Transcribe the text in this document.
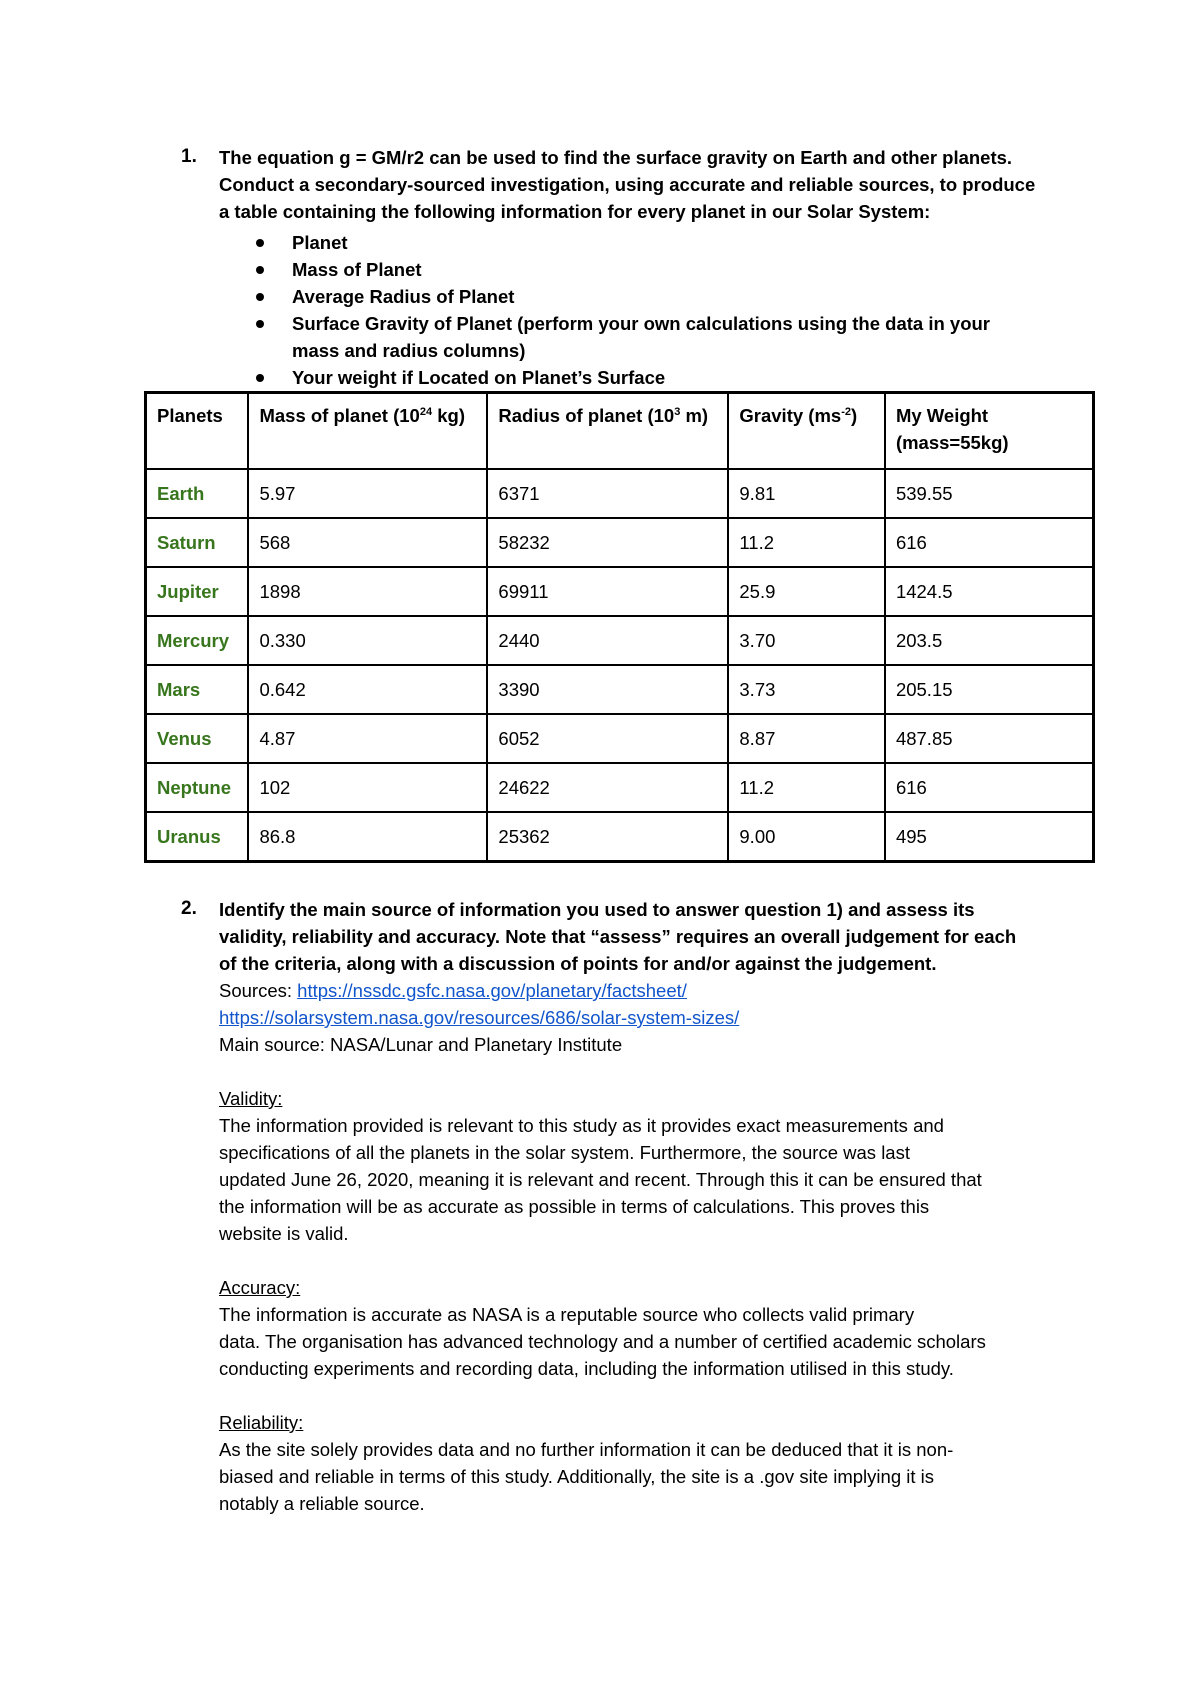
1. The equation g = GM/r2 can be used to find the surface gravity on Earth and other planets.
Conduct a secondary-sourced investigation, using accurate and reliable sources, to produce
a table containing the following information for every planet in our Solar System:
Planet
Mass of Planet
Average Radius of Planet
Surface Gravity of Planet (perform your own calculations using the data in your
mass and radius columns)
Your weight if Located on Planet’s Surface
Planets	Mass of planet ($10^{24}$ kg)	Radius of planet ($10^3$ m)	Gravity $(ms^{-2})$	My Weight
(mass=55kg)
Earth	5.97	6371	9.81	539.55
Saturn	568	58232	11.2	616
Jupiter	1898	69911	25.9	1424.5
Mercury	0.330	2440	3.70	203.5
Mars	0.642	3390	3.73	205.15
Venus	4.87	6052	8.87	487.85
Neptune	102	24622	11.2	616
Uranus	86.8	25362	9.00	495
2. Identify the main source of information you used to answer question 1) and assess its
validity, reliability and accuracy. Note that “assess” requires an overall judgement for each
of the criteria, along with a discussion of points for and/or against the judgement.
Sources: https://nssdc.gsfc.nasa.gov/planetary/factsheet/
https://solarsystem.nasa.gov/resources/686/solar-system-sizes/
Main source: NASA/Lunar and Planetary Institute
Validity:
The information provided is relevant to this study as it provides exact measurements and
specifications of all the planets in the solar system. Furthermore, the source was last
updated June 26, 2020, meaning it is relevant and recent. Through this it can be ensured that
the information will be as accurate as possible in terms of calculations. This proves this
website is valid.
Accuracy:
The information is accurate as NASA is a reputable source who collects valid primary
data. The organisation has advanced technology and a number of certified academic scholars
conducting experiments and recording data, including the information utilised in this study.
Reliability:
As the site solely provides data and no further information it can be deduced that it is non-
biased and reliable in terms of this study. Additionally, the site is a .gov site implying it is
notably a reliable source.
